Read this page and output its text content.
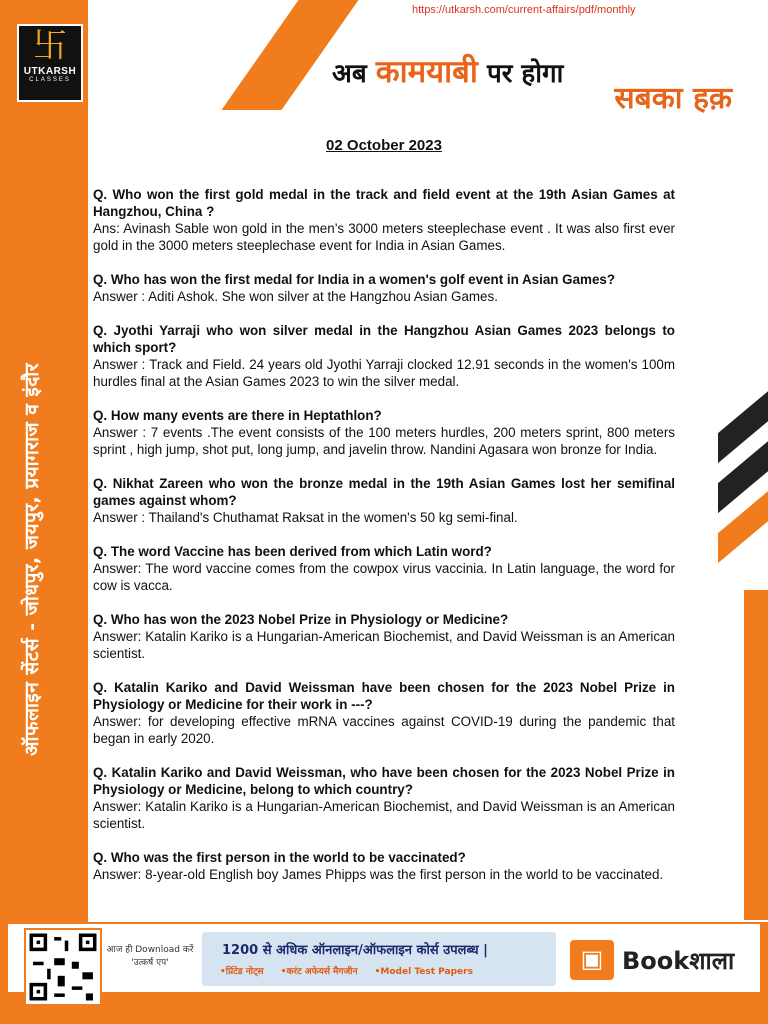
卐
UTKARSH
CLASSES
ऑफलाइन सेंटर्स - जोधपुर, जयपुर, प्रयागराज व इंदौर
https://utkarsh.com/current-affairs/pdf/monthly
अब कामयाबी पर होगा
सबका हक़
02 October 2023
Q. Who won the first gold medal in the track and field event at the 19th Asian Games at Hangzhou, China ?
Ans: Avinash Sable won gold in the men’s 3000 meters steeplechase event . It was also first ever gold in the 3000 meters steeplechase event for India in Asian Games.
Q. Who has won the first medal for India in a women's golf event in Asian Games?
Answer : Aditi Ashok. She won silver at the Hangzhou Asian Games.
Q. Jyothi Yarraji who won silver medal in the Hangzhou Asian Games 2023 belongs to which sport?
Answer : Track and Field. 24 years old Jyothi Yarraji clocked 12.91 seconds in the women's 100m hurdles final at the Asian Games 2023 to win the silver medal.
Q. How many events are there in Heptathlon?
Answer : 7 events .The event consists of the 100 meters hurdles, 200 meters sprint, 800 meters sprint , high jump, shot put, long jump, and javelin throw. Nandini Agasara won bronze for India.
Q. Nikhat Zareen who won the bronze medal in the 19th Asian Games lost her semifinal games against whom?
Answer : Thailand's Chuthamat Raksat in the women's 50 kg semi-final.
Q. The word Vaccine has been derived from which Latin word?
Answer: The word vaccine comes from the cowpox virus vaccinia. In Latin language, the word for cow is vacca.
Q. Who has won the 2023 Nobel Prize in Physiology or Medicine?
Answer: Katalin Kariko is a Hungarian-American Biochemist, and David Weissman is an American scientist.
Q. Katalin Kariko and David Weissman have been chosen for the 2023 Nobel Prize in Physiology or Medicine for their work in ---?
Answer: for developing effective mRNA vaccines against COVID-19 during the pandemic that began in early 2020.
Q. Katalin Kariko and David Weissman, who have been chosen for the 2023 Nobel Prize in Physiology or Medicine, belong to which country?
Answer: Katalin Kariko is a Hungarian-American Biochemist, and David Weissman is an American scientist.
Q. Who was the first person in the world to be vaccinated?
Answer: 8-year-old English boy James Phipps was the first person in the world to be vaccinated.
आज ही Download करें
'उत्कर्ष एप'
1200 से अधिक ऑनलाइन/ऑफलाइन कोर्स उपलब्ध |
•प्रिंटेड नोट्स •करंट अफेयर्स मैगजीन •Model Test Papers	▣ Bookशाला
